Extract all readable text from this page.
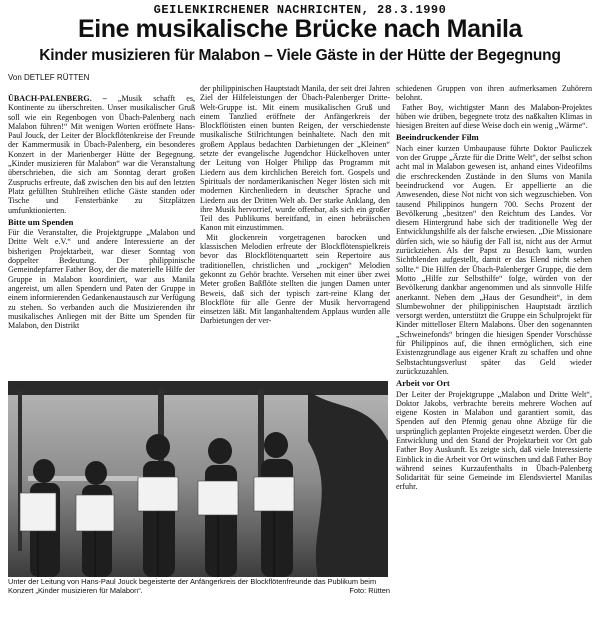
GEILENKIRCHENER NACHRICHTEN, 28.3.1990
Eine musikalische Brücke nach Manila
Kinder musizieren für Malabon – Viele Gäste in der Hütte der Begegnung
Von DETLEF RÜTTEN

ÜBACH-PALENBERG. – „Musik schafft es, Kontinente zu überschreiten. Unser musikalischer Gruß soll wie ein Regenbogen von Übach-Palenberg nach Malabon führen!“ Mit wenigen Worten eröffnete Hans-Paul Jouck, der Leiter der Blockflötenkreise der Freunde der Kammermusik in Übach-Palenberg, ein besonderes Konzert in der Marienberger Hütte der Begegnung. „Kinder musizieren für Malabon“ war die Veranstaltung überschrieben, die sich am Sonntag derart großen Zuspruchs erfreute, daß zwischen den bis auf den letzten Platz gefüllten Stuhlreihen etliche Gäste standen oder Tische und Fensterbänke zu Sitzplätzen umfunktionierten.

Bitte um Spenden

Für die Veranstalter, die Projektgruppe „Malabon und Dritte Welt e.V.“ und andere Interessierte an der bisherigen Projektarbeit, war dieser Sonntag von doppelter Bedeutung. Der philippinische Gemeindepfarrer Father Boy, der die materielle Hilfe der Gruppe in Malabon koordiniert, war aus Manila angereist, um allen Spendern und Paten der Gruppe in einem informierenden Gedankenaustausch zur Verfügung zu stehen. So verbanden auch die Musizierenden ihr musikalisches Anliegen mit der Bitte um Spenden für Malabon, den Distrikt

der philippinischen Hauptstadt Manila, der seit drei Jahren Ziel der Hilfeleistungen der Übach-Palenberger Dritte-Welt-Gruppe ist. Mit einem musikalischen Gruß und einem Tanzlied eröffnete der Anfängerkreis der Blockflötisten einen bunten Reigen, der verschiedenste musikalische Stilrichtungen beinhaltete. Nach den mit großem Applaus bedachten Darbietungen der „Kleinen“ setzte der evangelische Jugendchor Hückelhoven unter der Leitung von Holger Philipp das Programm mit Liedern aus dem kirchlichen Bereich fort. Gospels und Spirituals der nordamerikanischen Neger lösten sich mit modernen Kirchenliedern in deutscher Sprache und Liedern aus der Dritten Welt ab. Der starke Anklang, den ihre Musik hervorrief, wurde offenbar, als sich ein großer Teil des Publikums bereitfand, in einen hebräischen Kanon mit einzustimmen.

Mit glockenrein vorgetragenen barocken und klassischen Melodien erfreute der Blockflötenspielkreis bevor das Blockflötenquartett sein Repertoire aus traditionellen, christlichen und „rockigen“ Melodien gekonnt zu Gehör brachte. Versehen mit einer über zwei Meter großen Baßflöte stellten die jungen Damen unter Beweis, daß sich der typisch zart-reine Klang der Blockflöte für alle Genre der Musik hervorragend einsetzen läßt. Mit langanhaltendem Applaus wurden alle Darbietungen der ver-

schiedenen Gruppen von ihren aufmerksamen Zuhörern belohnt.

Father Boy, wichtigster Mann des Malabon-Projektes hüben wie drüben, begegnete trotz des naßkalten Klimas in hiesigen Breiten auf diese Weise doch ein wenig „Wärme“.

Beeindruckender Film

Nach einer kurzen Umbaupause führte Doktor Pauliczek von der Gruppe „Ärzte für die Dritte Welt“, der selbst schon acht mal in Malabon gewesen ist, anhand eines Videofilms die erschreckenden Zustände in den Slums von Manila beeindruckend vor Augen. Er appellierte an die Anwesenden, diese Not nicht von sich wegzuschieben. Von tausend Philippinos hungern 700. Sechs Prozent der Bevölkerung „besitzen“ den Reichtum des Landes. Vor diesem Hintergrund habe sich der traditionelle Weg der Entwicklungshilfe als der falsche erwiesen. „Die Missionare dürfen sich, wie so häufig der Fall ist, nicht aus der Armut zurückziehen. Als der Papst zu Besuch kam, wurden Sichtblenden aufgestellt, damit er das Elend nicht sehen sollte.“ Die Hilfen der Übach-Palenberger Gruppe, die dem Motto „Hilfe zur Selbsthilfe“ folge, würden von der Bevölkerung dankbar angenommen und als sinnvolle Hilfe anerkannt. Neben dem „Haus der Gesundheit“, in dem Slumbewohner der philippinischen Hauptstadt ärztlich versorgt werden, unterstützt die Gruppe ein Schulprojekt für Kinder mittelloser Eltern Malabons. Über den sogenannten „Schweinefonds“ bringen die hiesigen Spender Vorschüsse für Philippinos auf, die ihnen ermöglichen, sich eine Existenzgrundlage aus eigener Kraft zu schaffen und ohne Selbstachtungsverlust später das Geld wieder zurückzuzahlen.

Arbeit vor Ort

Der Leiter der Projektgruppe „Malabon und Dritte Welt“, Doktor Jakobs, verbrachte bereits mehrere Wochen auf eigene Kosten in Malabon und garantiert somit, das Spenden auf den Pfennig genau ohne Abzüge für die ursprünglich geplanten Projekte eingesetzt werden. Über die Entwicklung und den Stand der Projektarbeit vor Ort gab Father Boy Auskunft. Es zeigte sich, daß viele Interessierte Einblick in die Arbeit vor Ort wünschen und daß Father Boy während seines Kurzaufenthalts in Übach-Palenberg Solidarität für seine Gemeinde im Elendsviertel Manilas erfuhr.

Unter der Leitung von Hans-Paul Jouck begeisterte der Anfängerkreis der Blockflötenfreunde das Publikum beim Konzert „Kinder musizieren für Malabon“.	Foto: Rütten
